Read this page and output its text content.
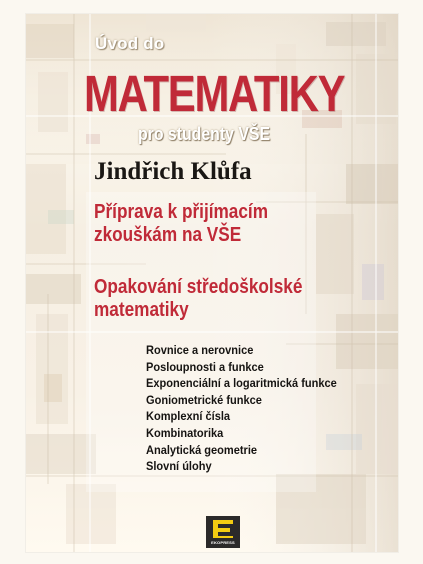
Úvod do

MATEMATIKY

pro studenty VŠE

Jindřich Klůfa

Příprava k přijímacím
zkouškám na VŠE
Opakování středoškolské
matematiky
Rovnice a nerovnice
Posloupnosti a funkce
Exponenciální a logaritmická funkce
Goniometrické funkce
Komplexní čísla
Kombinatorika
Analytická geometrie
Slovní úlohy
EKOPRESS
